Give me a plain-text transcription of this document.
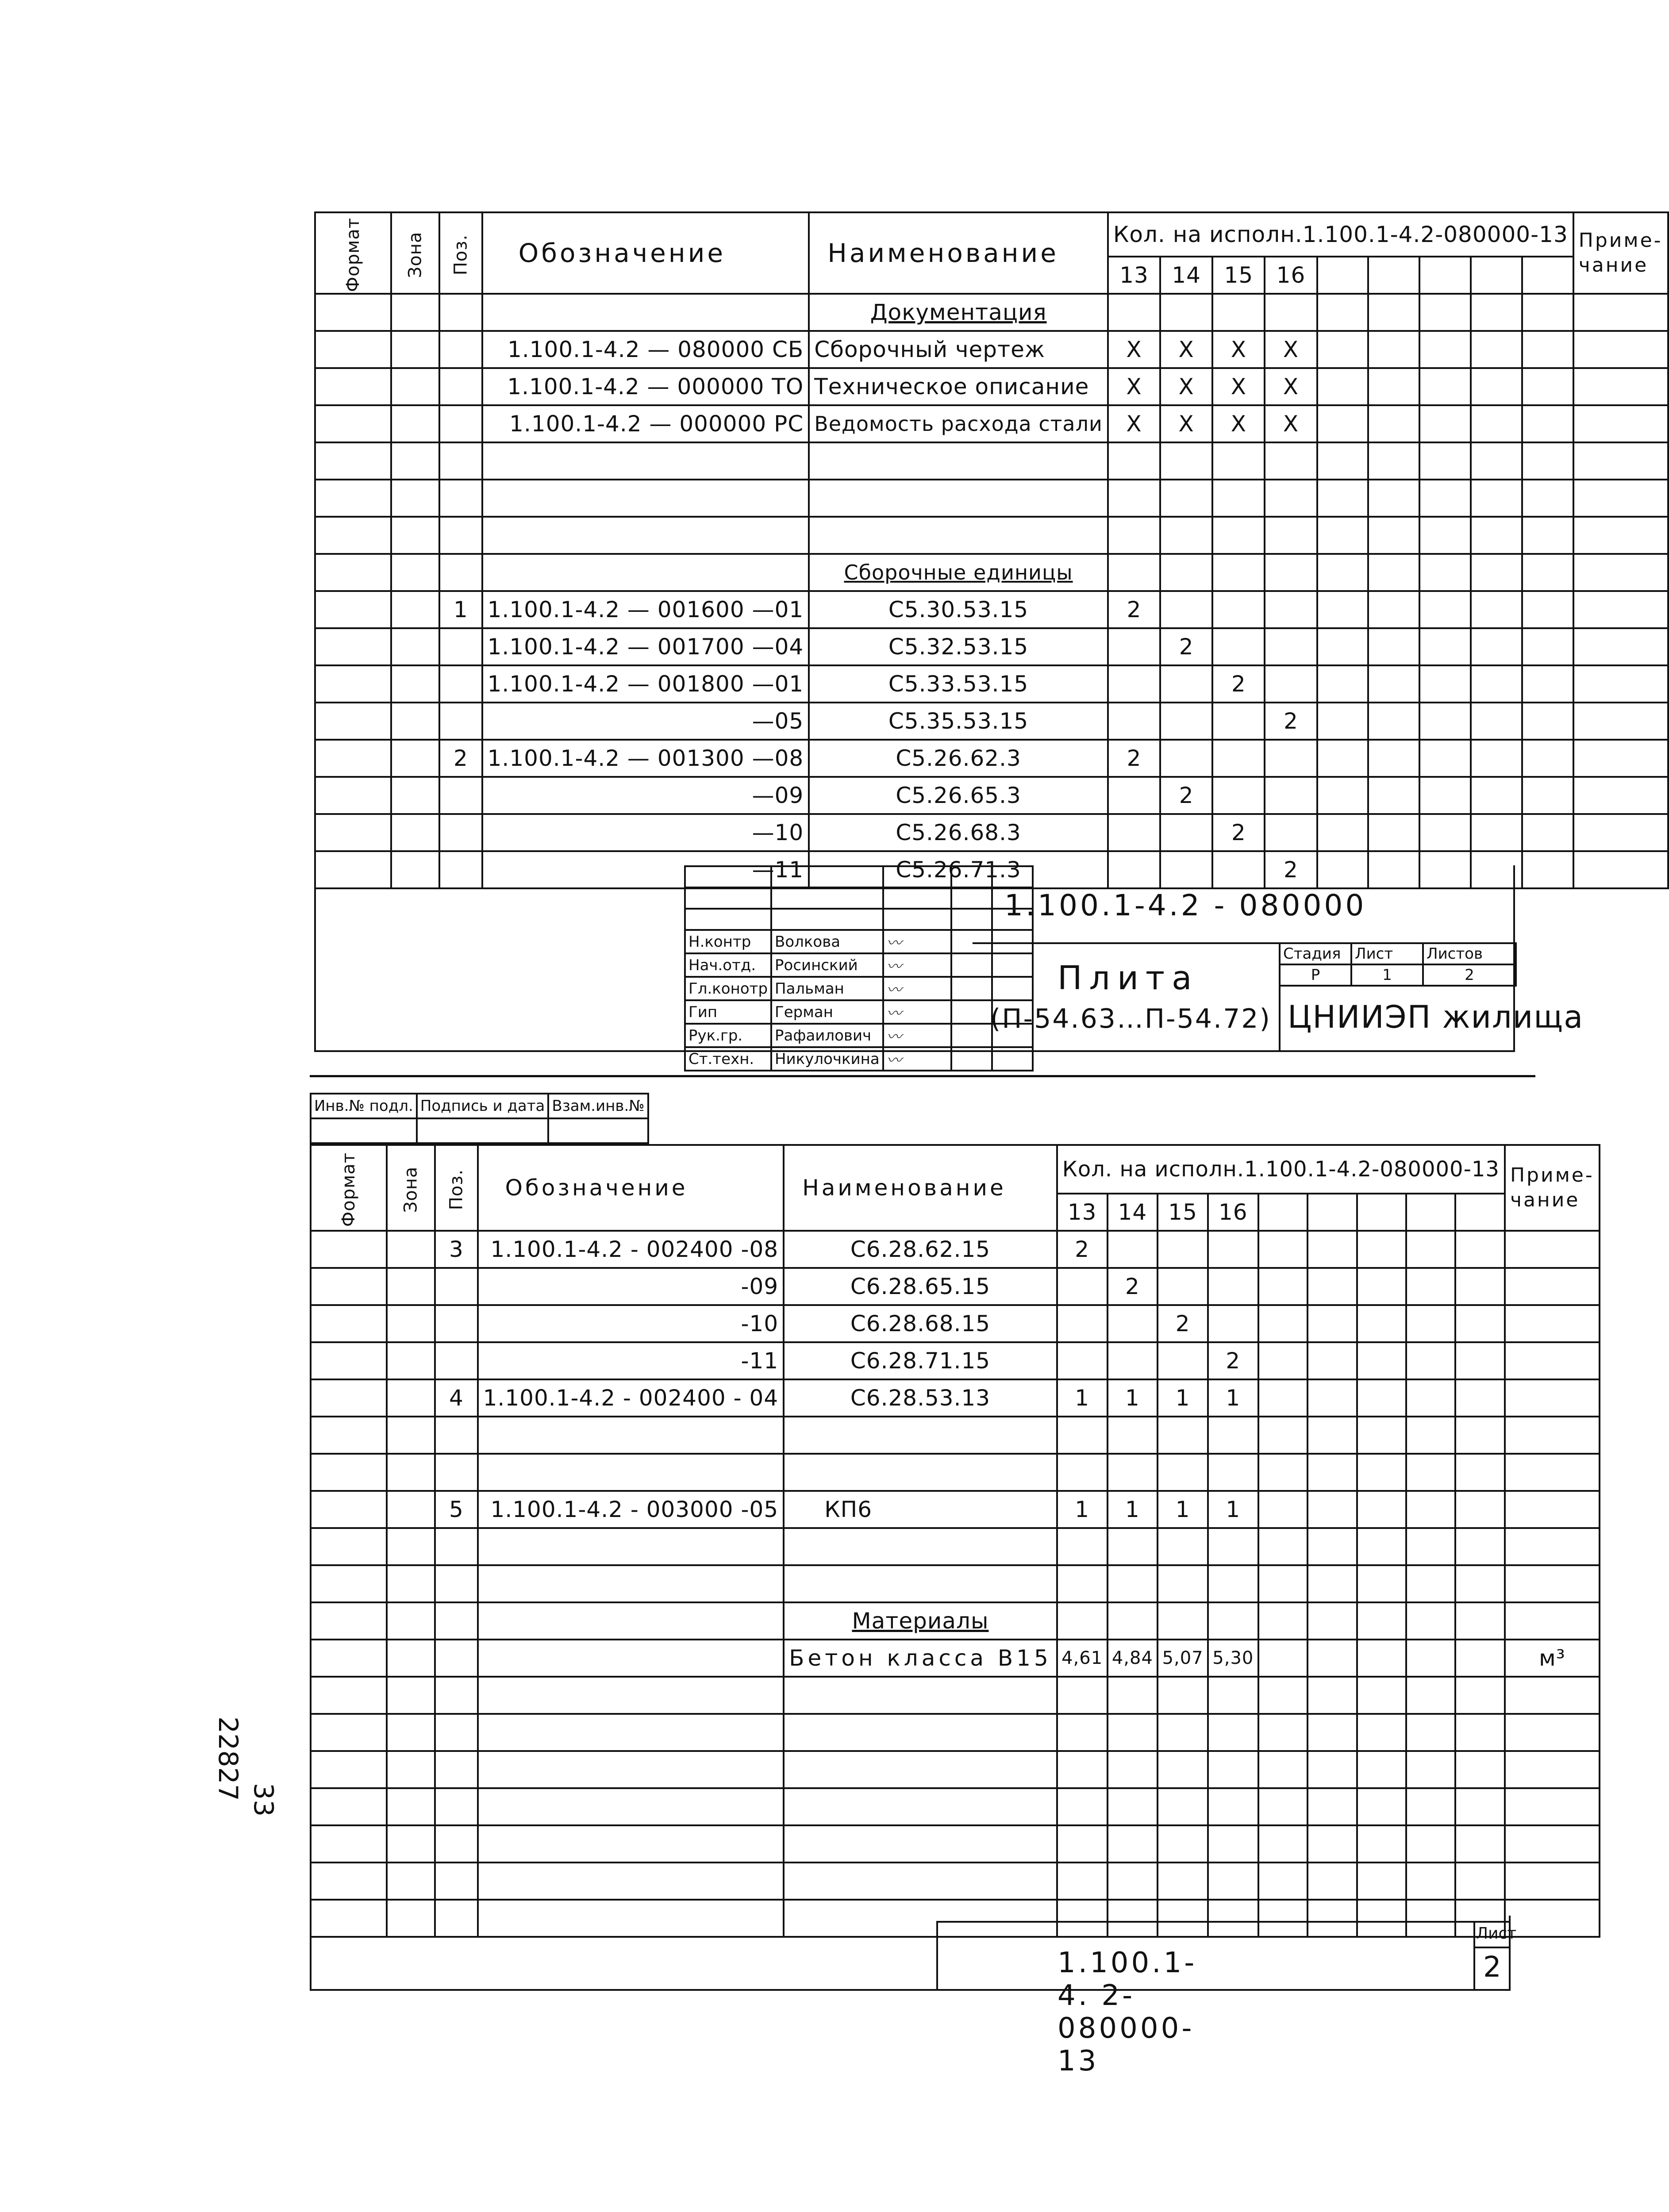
Формат	Зона	Поз.	Обозначение	Наименование	Кол. на исполн.1.100.1-4.2-080000-13									Приме-чание
					13	14	15	16						
				Документация										
			1.100.1-4.2 — 080000 СБ	Сборочный чертеж	X	X	X	X						
			1.100.1-4.2 — 000000 ТО	Техническое описание	X	X	X	X						
			1.100.1-4.2 — 000000 РС	Ведомость расхода стали	X	X	X	X						

				Сборочные единицы										
		1	1.100.1-4.2 — 001600 —01	С5.30.53.15	2									
			1.100.1-4.2 — 001700 —04	С5.32.53.15		2								
			1.100.1-4.2 — 001800 —01	С5.33.53.15			2							
			—05	С5.35.53.15				2						
		2	1.100.1-4.2 — 001300 —08	С5.26.62.3	2									
			—09	С5.26.65.3		2								
			—10	С5.26.68.3			2							
			—11	С5.26.71.3				2						

Н.контр	Волкова	〰		
Нач.отд.	Росинский	〰		
Гл.конотр	Пальман	〰		
Гип	Герман	〰		
Рук.гр.	Рафаилович	〰		
Ст.техн.	Никулочкина	〰		
1.100.1-4.2 - 080000
Плита
(П-54.63…П-54.72)
Стадия	Лист	Листов
Р	1	2
ЦНИИЭП жилища
Инв.№ подл.	Подпись и дата	Взам.инв.№

Формат	Зона	Поз.	Обозначение	Наименование	Кол. на исполн.1.100.1-4.2-080000-13									Приме-чание
					13	14	15	16						
		3	1.100.1-4.2 - 002400 -08	С6.28.62.15	2									
			-09	С6.28.65.15		2								
			-10	С6.28.68.15			2							
			-11	С6.28.71.15				2						
		4	1.100.1-4.2 - 002400 - 04	С6.28.53.13	1	1	1	1						

		5	1.100.1-4.2 - 003000 -05	КП6	1	1	1	1						

				Материалы										
				Бетон класса В15	4,61	4,84	5,07	5,30						м³

1.100.1- 4. 2-080000-13
Лист
2
22827 33
